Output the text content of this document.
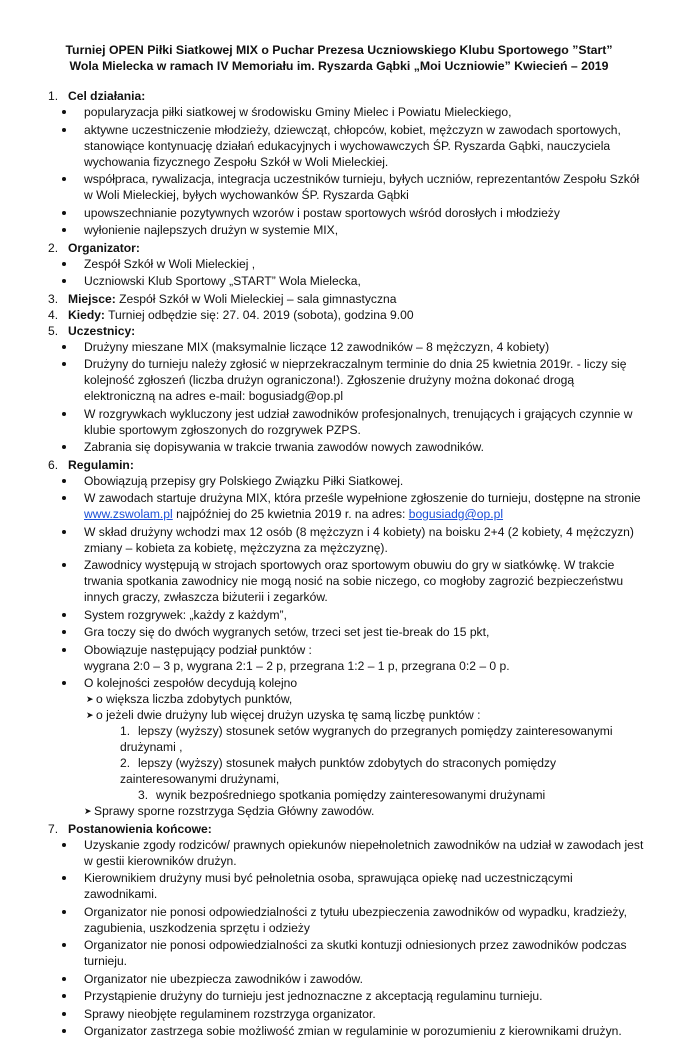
Turniej OPEN Piłki Siatkowej MIX o Puchar Prezesa Uczniowskiego Klubu Sportowego ”Start”
Wola Mielecka w ramach IV Memoriału im. Ryszarda Gąbki „Moi Uczniowie” Kwiecień – 2019
1. Cel działania:
popularyzacja piłki siatkowej w środowisku Gminy Mielec i Powiatu Mieleckiego,
aktywne uczestniczenie młodzieży, dziewcząt, chłopców, kobiet, mężczyzn w zawodach sportowych, stanowiące kontynuację działań edukacyjnych i wychowawczych ŚP. Ryszarda Gąbki, nauczyciela wychowania fizycznego Zespołu Szkół w Woli Mieleckiej.
współpraca, rywalizacja, integracja uczestników turnieju, byłych uczniów, reprezentantów Zespołu Szkół w Woli Mieleckiej, byłych wychowanków ŚP. Ryszarda Gąbki
upowszechnianie pozytywnych wzorów i postaw sportowych wśród dorosłych i młodzieży
wyłonienie najlepszych drużyn w systemie MIX,
2. Organizator:
Zespół Szkół w Woli Mieleckiej ,
Uczniowski Klub Sportowy „START” Wola Mielecka,
3. Miejsce: Zespół Szkół w Woli Mieleckiej – sala gimnastyczna
4. Kiedy: Turniej odbędzie się: 27. 04. 2019 (sobota), godzina 9.00
5. Uczestnicy:
Drużyny mieszane MIX (maksymalnie liczące 12 zawodników – 8 mężczyzn, 4 kobiety)
Drużyny do turnieju należy zgłosić w nieprzekraczalnym terminie do dnia 25 kwietnia 2019r. - liczy się kolejność zgłoszeń (liczba drużyn ograniczona!). Zgłoszenie drużyny można dokonać drogą elektroniczną na adres e-mail: bogusiadg@op.pl
W rozgrywkach wykluczony jest udział zawodników profesjonalnych, trenujących i grających czynnie w klubie sportowym zgłoszonych do rozgrywek PZPS.
Zabrania się dopisywania w trakcie trwania zawodów nowych zawodników.
6. Regulamin:
Obowiązują przepisy gry Polskiego Związku Piłki Siatkowej.
W zawodach startuje drużyna MIX, która prześle wypełnione zgłoszenie do turnieju, dostępne na stronie www.zswolam.pl najpóźniej do 25 kwietnia 2019 r. na adres: bogusiadg@op.pl
W skład drużyny wchodzi max 12 osób (8 mężczyzn i 4 kobiety) na boisku 2+4 (2 kobiety, 4 mężczyzn) zmiany – kobieta za kobietę, mężczyzna za mężczyznę).
Zawodnicy występują w strojach sportowych oraz sportowym obuwiu do gry w siatkówkę. W trakcie trwania spotkania zawodnicy nie mogą nosić na sobie niczego, co mogłoby zagrozić bezpieczeństwu innych graczy, zwłaszcza biżuterii i zegarków.
System rozgrywek: „każdy z każdym”,
Gra toczy się do dwóch wygranych setów, trzeci set jest tie-break do 15 pkt,
Obowiązuje następujący podział punktów :
wygrana 2:0 – 3 p, wygrana 2:1 – 2 p, przegrana 1:2 – 1 p, przegrana 0:2 – 0 p.
O kolejności zespołów decydują kolejno
➤ o większa liczba zdobytych punktów,
➤ o jeżeli dwie drużyny lub więcej drużyn uzyska tę samą liczbę punktów :
1. lepszy (wyższy) stosunek setów wygranych do przegranych pomiędzy zainteresowanymi drużynami ,
2. lepszy (wyższy) stosunek małych punktów zdobytych do straconych pomiędzy zainteresowanymi drużynami,
3. wynik bezpośredniego spotkania pomiędzy zainteresowanymi drużynami
➤ Sprawy sporne rozstrzyga Sędzia Główny zawodów.
7. Postanowienia końcowe:
Uzyskanie zgody rodziców/ prawnych opiekunów niepełnoletnich zawodników na udział w zawodach jest w gestii kierowników drużyn.
Kierownikiem drużyny musi być pełnoletnia osoba, sprawująca opiekę nad uczestniczącymi zawodnikami.
Organizator nie ponosi odpowiedzialności z tytułu ubezpieczenia zawodników od wypadku, kradzieży, zagubienia, uszkodzenia sprzętu i odzieży
Organizator nie ponosi odpowiedzialności za skutki kontuzji odniesionych przez zawodników podczas turnieju.
Organizator nie ubezpiecza zawodników i zawodów.
Przystąpienie drużyny do turnieju jest jednoznaczne z akceptacją regulaminu turnieju.
Sprawy nieobjęte regulaminem rozstrzyga organizator.
Organizator zastrzega sobie możliwość zmian w regulaminie w porozumieniu z kierownikami drużyn.
